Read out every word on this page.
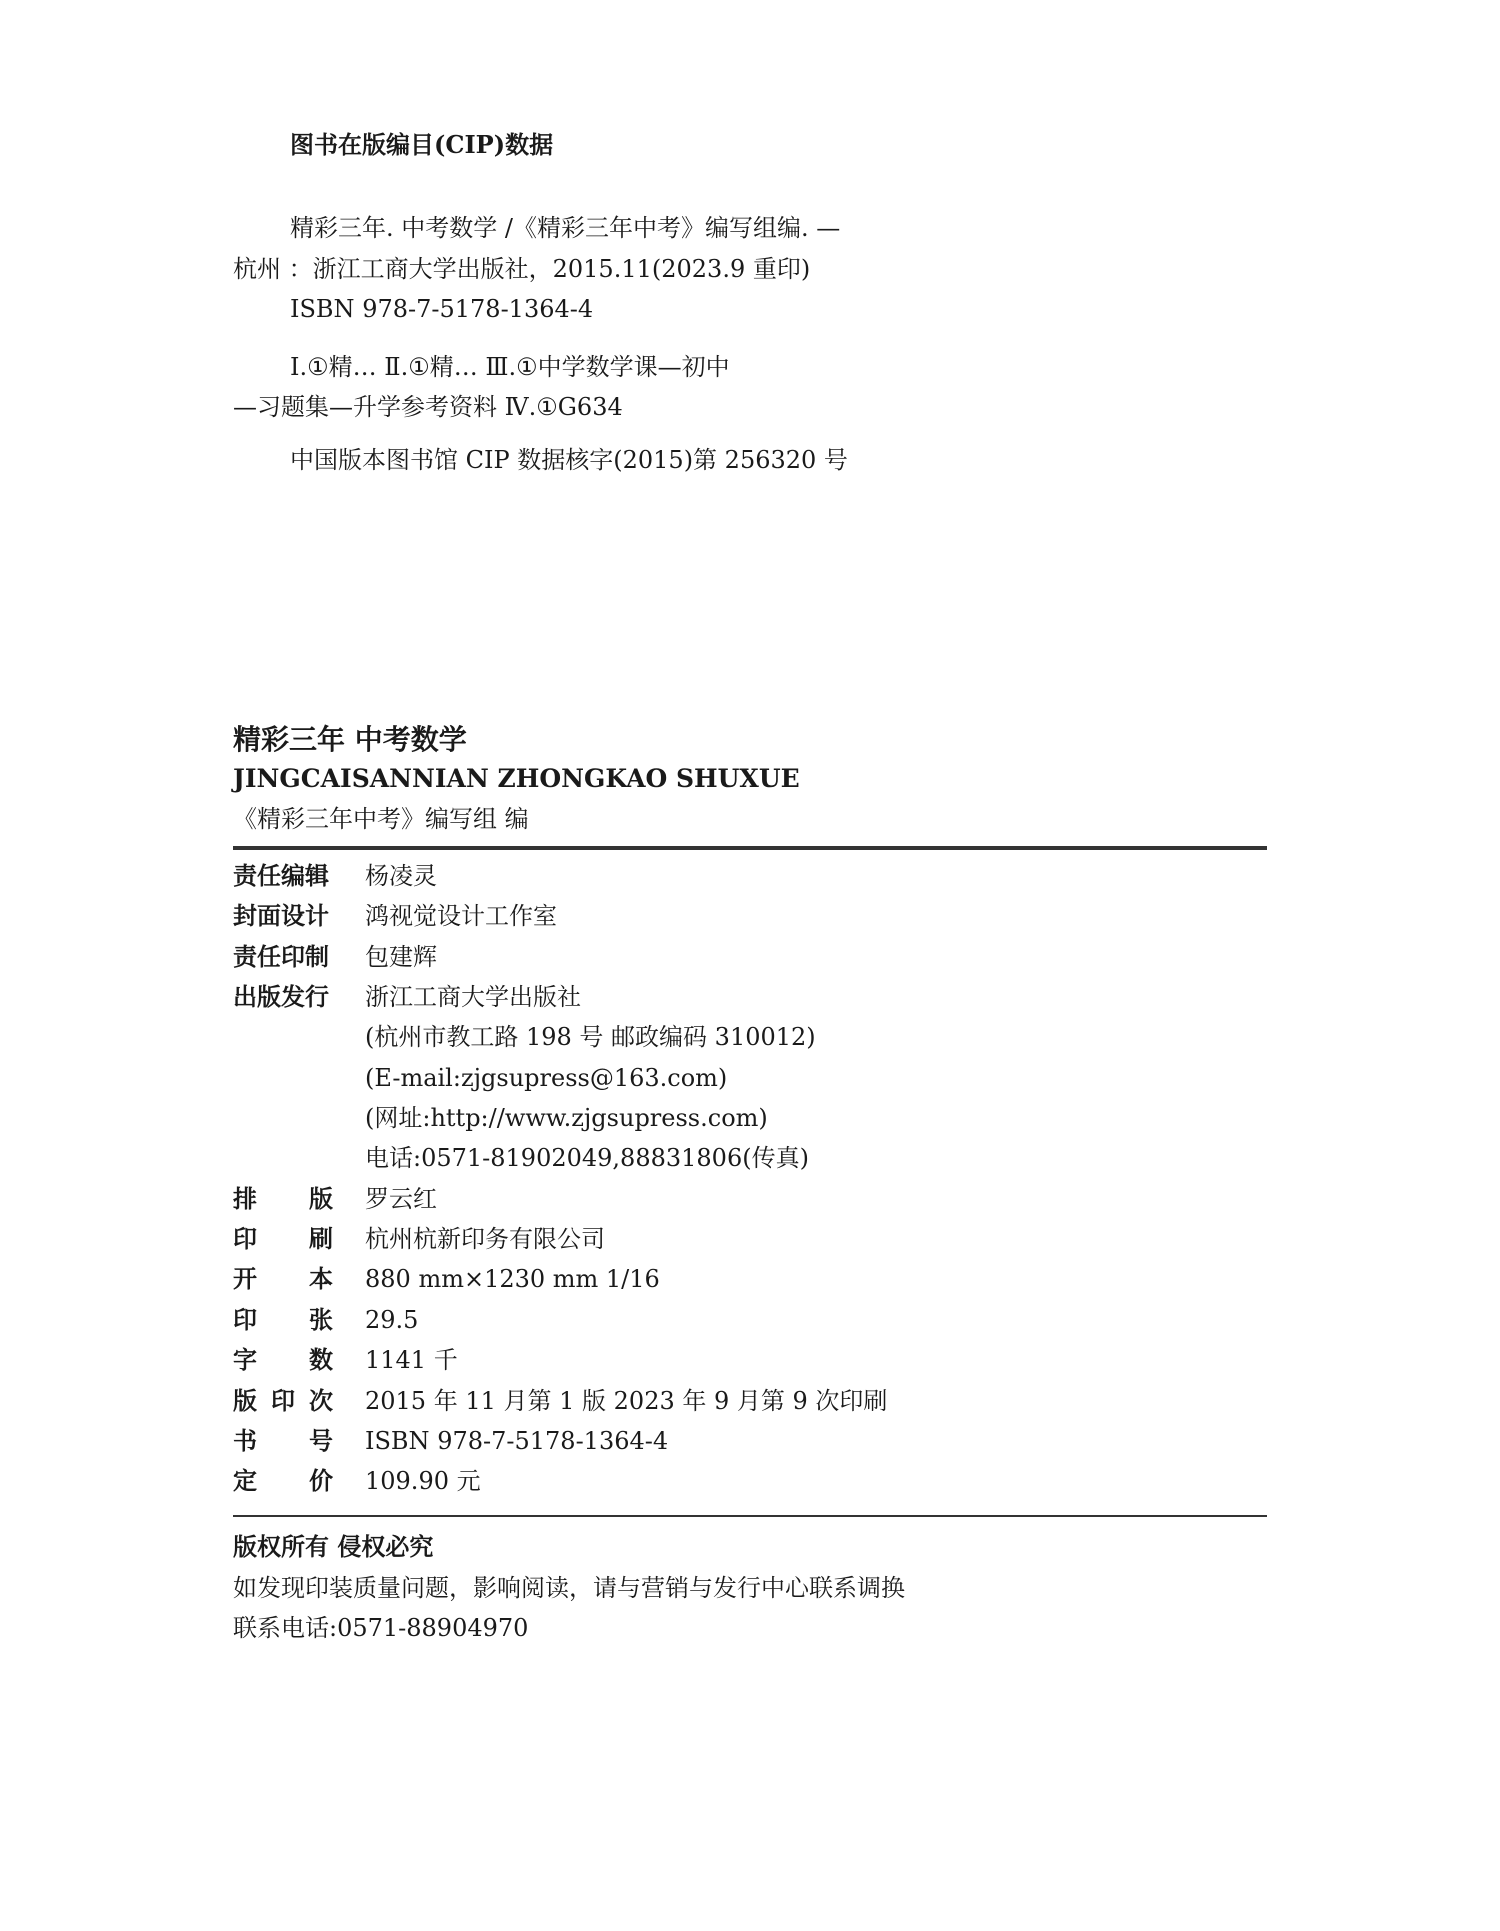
图书在版编目(CIP)数据
精彩三年. 中考数学 /《精彩三年中考》编写组编. —
杭州 ：浙江工商大学出版社，2015.11(2023.9 重印)
ISBN 978-7-5178-1364-4
Ⅰ.①精… Ⅱ.①精… Ⅲ.①中学数学课—初中
—习题集—升学参考资料 Ⅳ.①G634
中国版本图书馆 CIP 数据核字(2015)第 256320 号
精彩三年 中考数学
JINGCAISANNIAN ZHONGKAO SHUXUE
《精彩三年中考》编写组 编
责任编辑 杨凌灵
封面设计 鸿视觉设计工作室
责任印制 包建辉
出版发行 浙江工商大学出版社
(杭州市教工路 198 号 邮政编码 310012)
(E-mail:zjgsupress@163.com)
(网址:http://www.zjgsupress.com)
电话:0571-81902049,88831806(传真)
排 版 罗云红
印 刷 杭州杭新印务有限公司
开 本 880 mm×1230 mm 1/16
印 张 29.5
字 数 1141 千
版 印 次 2015 年 11 月第 1 版 2023 年 9 月第 9 次印刷
书 号 ISBN 978-7-5178-1364-4
定 价 109.90 元
版权所有 侵权必究
如发现印装质量问题，影响阅读，请与营销与发行中心联系调换
联系电话:0571-88904970
